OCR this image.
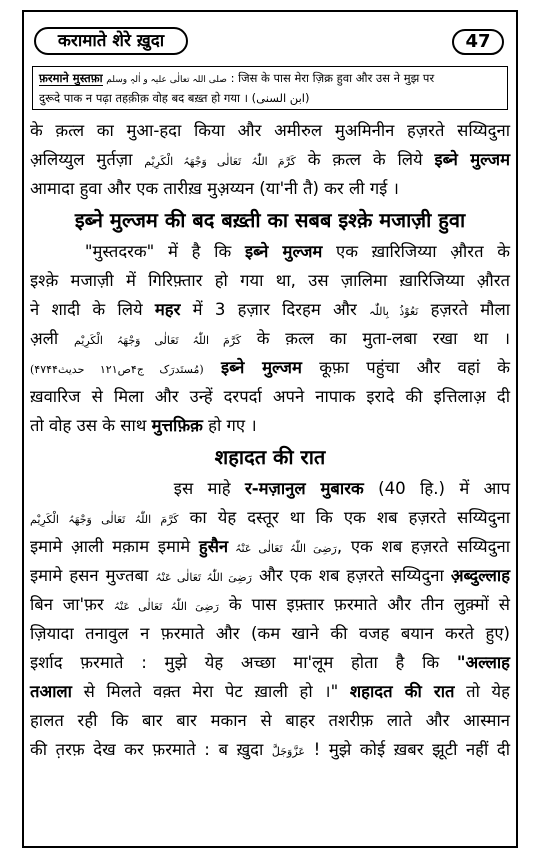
करामाते शेरे ख़ुदा	47
फ़रमाने मुस्तफ़ा صلی اللہ تعالٰی علیہ و اٰلہٖ وسلم : जिस के पास मेरा ज़िक्र हुवा और उस ने मुझ पर
दुरूदे पाक न पढ़ा तहक़ीक़ वोह बद बख़्त हो गया । (ابن السنی)
के क़त्ल का मुआ-हदा किया और अमीरुल मुअमिनीन हज़रते सय्यिदुना
अ़लिय्युल मुर्तज़ा کَرَّمَ اللّٰہُ تَعَالٰی وَجْھَہُ الْکَرِیْم के क़त्ल के लिये इब्ने मुल्जम
आमादा हुवा और एक तारीख़ मुअ़य्यन (या'नी तै) कर ली गई ।
इब्ने मुल्जम की बद बख़्ती का सबब इश्क़े मजाज़ी हुवा
"मुस्तदरक" में है कि इब्ने मुल्जम एक ख़ारिजिय्या औ़रत के
इश्क़े मजाज़ी में गिरिफ़्तार हो गया था, उस ज़ालिमा ख़ारिजिय्या औ़रत
ने शादी के लिये महर में 3 हज़ार दिरहम और نَعُوْذُ بِاللّٰہ हज़रते मौला
अ़ली کَرَّمَ اللّٰہُ تَعَالٰی وَجْھَہُ الْکَرِیْم के क़त्ल का मुता-लबा रखा था ।
(مُستَدرَک ج۴ص۱۲۱ حدیث۴۷۴۴) इब्ने मुल्जम कूफ़ा पहुंचा और वहां के
ख़वारिज से मिला और उन्हें दरपर्दा अपने नापाक इरादे की इत्तिलाअ़ दी
तो वोह उस के साथ मुत्तफ़िक़ हो गए ।
शहादत की रात
इस माहे र-मज़ानुल मुबारक (40 हि.) में आप
کَرَّمَ اللّٰہُ تَعَالٰی وَجْھَہُ الْکَرِیْم का येह दस्तूर था कि एक शब हज़रते सय्यिदुना
इमामे आ़ली मक़ाम इमामे हुसैन رَضِیَ اللّٰہُ تَعَالٰی عَنْہُ, एक शब हज़रते सय्यिदुना
इमामे हसन मुज्तबा رَضِیَ اللّٰہُ تَعَالٰی عَنْہُ और एक शब हज़रते सय्यिदुना अ़ब्दुल्लाह
बिन जा'फ़र رَضِیَ اللّٰہُ تَعَالٰی عَنْہُ के पास इफ़्तार फ़रमाते और तीन लुक़्मों से
ज़ियादा तनावुल न फ़रमाते और (कम खाने की वजह बयान करते हुए)
इर्शाद फ़रमाते : मुझे येह अच्छा मा'लूम होता है कि "अल्लाह
तआला से मिलते वक़्त मेरा पेट ख़ाली हो ।" शहादत की रात तो येह
हालत रही कि बार बार मकान से बाहर तशरीफ़ लाते और आस्मान
की त़रफ़ देख कर फ़रमाते : ब ख़ुदा عَزَّوَجَلَّ ! मुझे कोई ख़बर झूटी नहीं दी
